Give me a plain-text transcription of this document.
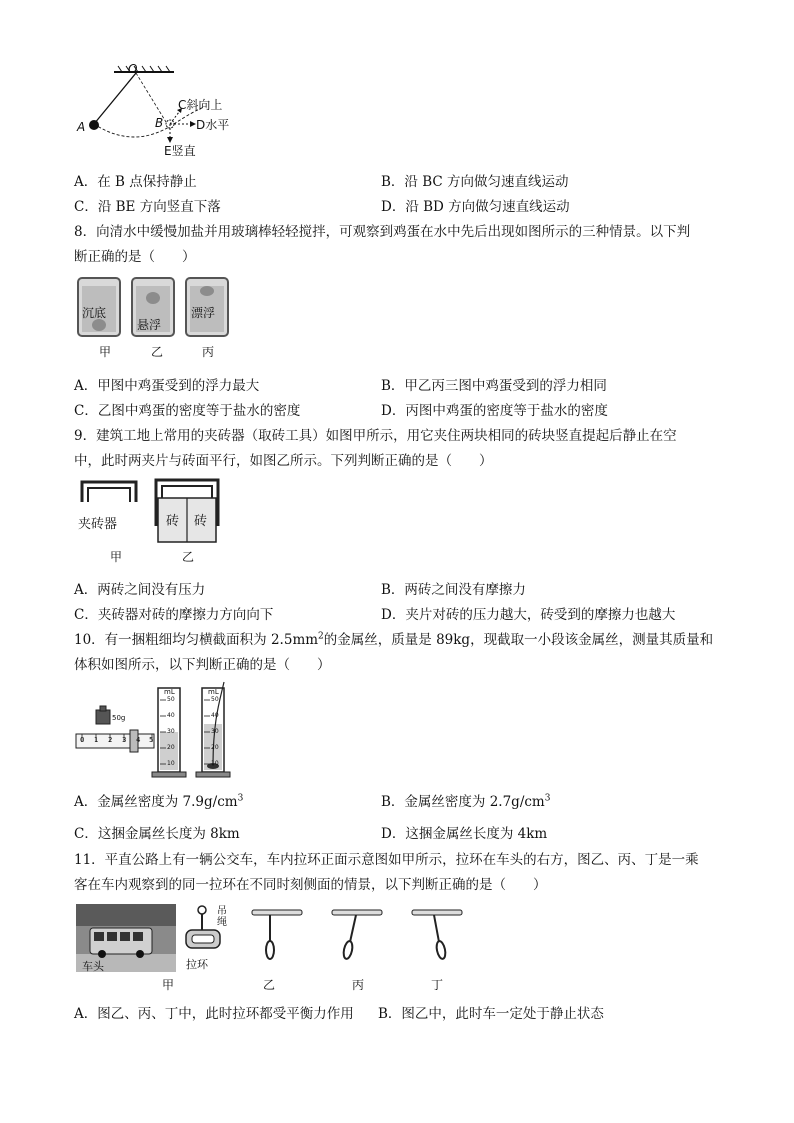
O
A	B
C斜向上
D水平
E竖直
A．在 B 点保持静止	B．沿 BC 方向做匀速直线运动
C．沿 BE 方向竖直下落	D．沿 BD 方向做匀速直线运动
8．向清水中缓慢加盐并用玻璃棒轻轻搅拌，可观察到鸡蛋在水中先后出现如图所示的三种情景。以下判
断正确的是（　　）
沉底
悬浮
漂浮
甲	乙	丙
A．甲图中鸡蛋受到的浮力最大	B．甲乙丙三图中鸡蛋受到的浮力相同
C．乙图中鸡蛋的密度等于盐水的密度	D．丙图中鸡蛋的密度等于盐水的密度
9．建筑工地上常用的夹砖器（取砖工具）如图甲所示，用它夹住两块相同的砖块竖直提起后静止在空
中，此时两夹片与砖面平行，如图乙所示。下列判断正确的是（　　）
夹砖器	砖 砖
甲	乙
A．两砖之间没有压力	B．两砖之间没有摩擦力
C．夹砖器对砖的摩擦力方向向下	D．夹片对砖的压力越大，砖受到的摩擦力也越大
10．有一捆粗细均匀横截面积为 $2.5mm^2$的金属丝，质量是 89kg，现截取一小段该金属丝，测量其质量和
体积如图所示，以下判断正确的是（　　）
50g
mL	mL
0 1 2 3 4 5
50
40
30
20
10
50
40
30
20
10
A．金属丝密度为 $7.9g/cm^3$	B．金属丝密度为 $2.7g/cm^3$
C．这捆金属丝长度为 8km	D．这捆金属丝长度为 4km
11．平直公路上有一辆公交车，车内拉环正面示意图如甲所示，拉环在车头的右方，图乙、丙、丁是一乘
客在车内观察到的同一拉环在不同时刻侧面的情景，以下判断正确的是（　　）
车头
吊绳
拉环
甲	乙	丙	丁
A．图乙、丙、丁中，此时拉环都受平衡力作用 B．图乙中，此时车一定处于静止状态
